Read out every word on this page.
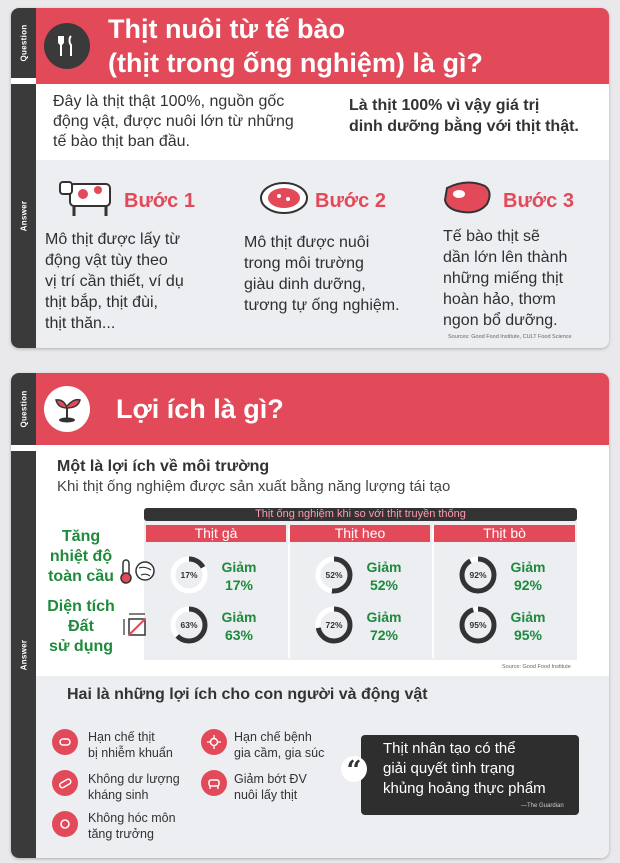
Question
Answer
Thịt nuôi từ tế bào
(thịt trong ống nghiệm) là gì?
Đây là thịt thật 100%, nguồn gốc
động vật, được nuôi lớn từ những
tế bào thịt ban đầu.
Là thịt 100% vì vậy giá trị
dinh dưỡng bằng với thịt thật.
Bước 1
Mô thịt được lấy từ
động vật tùy theo
vị trí cần thiết, ví dụ
thịt bắp, thịt đùi,
thịt thăn...
Bước 2
Mô thịt được nuôi
trong môi trường
giàu dinh dưỡng,
tương tự ống nghiệm.
Bước 3
Tế bào thịt sẽ
dần lớn lên thành
những miếng thịt
hoàn hảo, thơm
ngon bổ dưỡng.
Sources: Good Food Institute, CULT Food Science
Question
Answer
Lợi ích là gì?
Một là lợi ích về môi trường
Khi thịt ống nghiệm được sản xuất bằng năng lượng tái tạo
Thịt ống nghiệm khi so với thịt truyền thống
Thịt gà	Thịt heo	Thịt bò
Tăng
nhiệt độ
toàn cầu
Diện tích
Đất
sử dụng
17% Giảm
17%
52% Giảm
52%
92% Giảm
92%
63% Giảm
63%
72% Giảm
72%
95% Giảm
95%
Source: Good Food Institute
Hai là những lợi ích cho con người và động vật
Hạn chế thịt
bị nhiễm khuẩn
Không dư lượng
kháng sinh
Không hóc môn
tăng trưởng
Hạn chế bệnh
gia cầm, gia súc
Giảm bớt ĐV
nuôi lấy thịt
“
Thịt nhân tạo có thể
giải quyết tình trạng
khủng hoảng thực phẩm
—The Guardian
